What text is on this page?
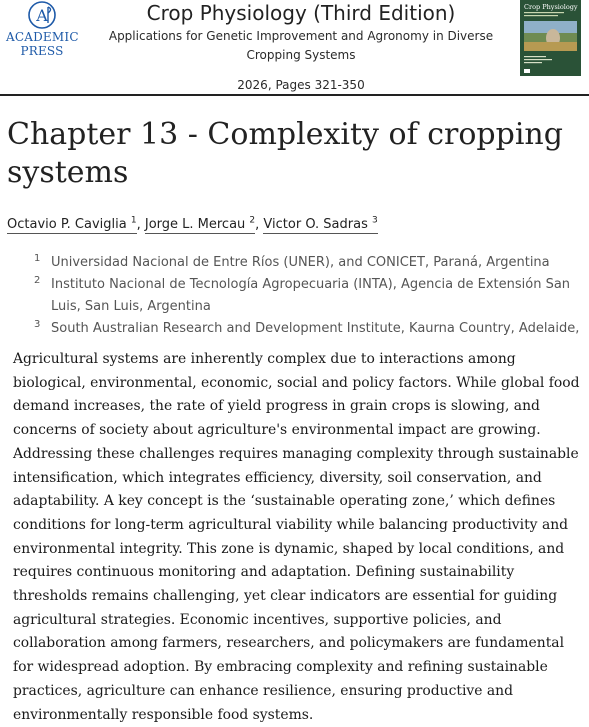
A
ACADEMIC
PRESS
Crop Physiology (Third Edition)
Applications for Genetic Improvement and Agronomy in Diverse Cropping Systems
2026, Pages 321-350
Crop Physiology
Chapter 13 - Complexity of cropping systems
Octavio P. Caviglia $^1$, Jorge L. Mercau $^2$, Victor O. Sadras $^3$
1 Universidad Nacional de Entre Ríos (UNER), and CONICET, Paraná, Argentina
2 Instituto Nacional de Tecnología Agropecuaria (INTA), Agencia de Extensión San Luis, San Luis, Argentina
3 South Australian Research and Development Institute, Kaurna Country, Adelaide,

Agricultural systems are inherently complex due to interactions among biological, environmental, economic, social and policy factors. While global food demand increases, the rate of yield progress in grain crops is slowing, and concerns of society about agriculture's environmental impact are growing. Addressing these challenges requires managing complexity through sustainable intensification, which integrates efficiency, diversity, soil conservation, and adaptability. A key concept is the ‘sustainable operating zone,’ which defines conditions for long-term agricultural viability while balancing productivity and environmental integrity. This zone is dynamic, shaped by local conditions, and requires continuous monitoring and adaptation. Defining sustainability thresholds remains challenging, yet clear indicators are essential for guiding agricultural strategies. Economic incentives, supportive policies, and collaboration among farmers, researchers, and policymakers are fundamental for widespread adoption. By embracing complexity and refining sustainable practices, agriculture can enhance resilience, ensuring productive and environmentally responsible food systems.
